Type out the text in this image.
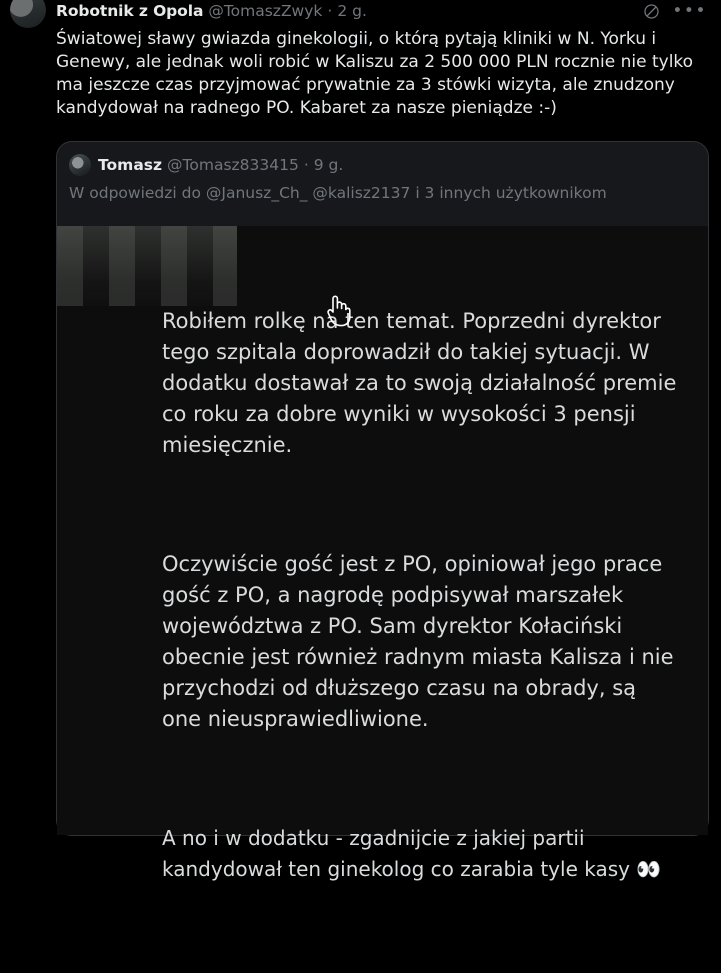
Robotnik z Opola @TomaszZwyk · 2 g.	•••
Światowej sławy gwiazda ginekologii, o którą pytają kliniki w N. Yorku i Genewy, ale jednak woli robić w Kaliszu za 2 500 000 PLN rocznie nie tylko ma jeszcze czas przyjmować prywatnie za 3 stówki wizyta, ale znudzony kandydował na radnego PO. Kabaret za nasze pieniądze :-)
Tomasz @Tomasz833415 · 9 g.
W odpowiedzi do @Janusz_Ch_ @kalisz2137 i 3 innych użytkownikom

Robiłem rolkę na ten temat. Poprzedni dyrektor tego szpitala doprowadził do takiej sytuacji. W dodatku dostawał za to swoją działalność premie co roku za dobre wyniki w wysokości 3 pensji miesięcznie.

Oczywiście gość jest z PO, opiniował jego prace gość z PO, a nagrodę podpisywał marszałek województwa z PO. Sam dyrektor Kołaciński obecnie jest również radnym miasta Kalisza i nie przychodzi od dłuższego czasu na obrady, są one nieusprawiedliwione.

A no i w dodatku - zgadnijcie z jakiej partii kandydował ten ginekolog co zarabia tyle kasy 👀
